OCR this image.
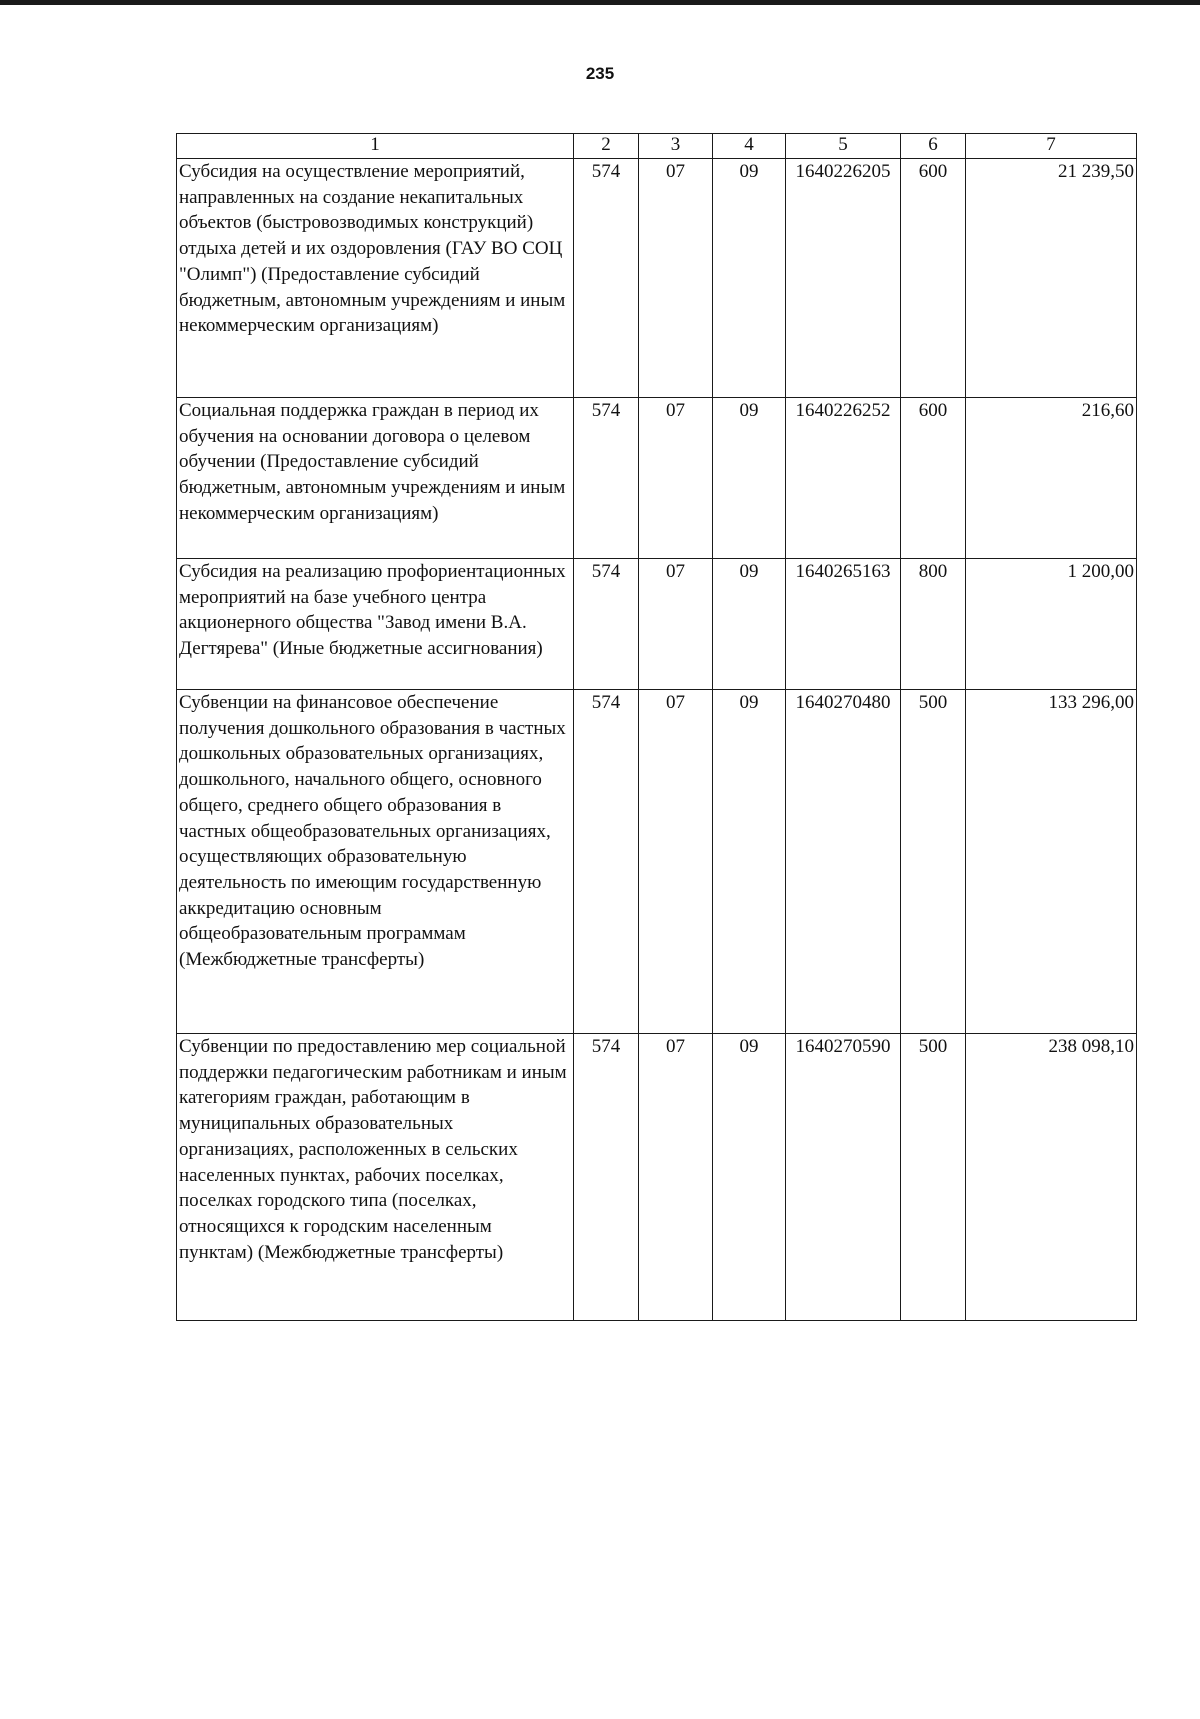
235
1	2	3	4	5	6	7
Субсидия на осуществление мероприятий, направленных на создание некапитальных объектов (быстровозводимых конструкций) отдыха детей и их оздоровления (ГАУ ВО СОЦ "Олимп") (Предоставление субсидий бюджетным, автономным учреждениям и иным некоммерческим организациям)	574	07	09	1640226205	600	21 239,50
Социальная поддержка граждан в период их обучения на основании договора о целевом обучении (Предоставление субсидий бюджетным, автономным учреждениям и иным некоммерческим организациям)	574	07	09	1640226252	600	216,60
Субсидия на реализацию профориентационных мероприятий на базе учебного центра акционерного общества "Завод имени В.А. Дегтярева" (Иные бюджетные ассигнования)	574	07	09	1640265163	800	1 200,00
Субвенции на финансовое обеспечение получения дошкольного образования в частных дошкольных образовательных организациях, дошкольного, начального общего, основного общего, среднего общего образования в частных общеобразовательных организациях, осуществляющих образовательную деятельность по имеющим государственную аккредитацию основным общеобразовательным программам (Межбюджетные трансферты)	574	07	09	1640270480	500	133 296,00
Субвенции по предоставлению мер социальной поддержки педагогическим работникам и иным категориям граждан, работающим в муниципальных образовательных организациях, расположенных в сельских населенных пунктах, рабочих поселках, поселках городского типа (поселках, относящихся к городским населенным пунктам) (Межбюджетные трансферты)	574	07	09	1640270590	500	238 098,10
